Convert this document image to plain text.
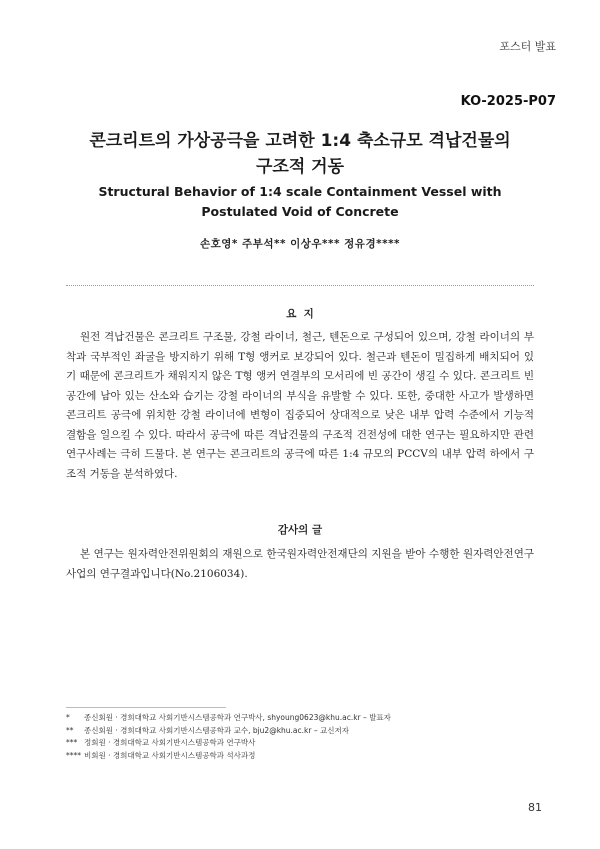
포스터 발표
KO-2025-P07
콘크리트의 가상공극을 고려한 1:4 축소규모 격납건물의
구조적 거동
Structural Behavior of 1:4 scale Containment Vessel with
Postulated Void of Concrete
손호영* 주부석** 이상우*** 정유경****
요  지

원전 격납건물은 콘크리트 구조물, 강철 라이너, 철근, 텐돈으로 구성되어 있으며, 강철 라이너의 부착과 국부적인 좌굴을 방지하기 위해 T형 앵커로 보강되어 있다. 철근과 텐돈이 밀집하게 배치되어 있기 때문에 콘크리트가 채워지지 않은 T형 앵커 연결부의 모서리에 빈 공간이 생길 수 있다. 콘크리트 빈 공간에 남아 있는 산소와 습기는 강철 라이너의 부식을 유발할 수 있다. 또한, 중대한 사고가 발생하면 콘크리트 공극에 위치한 강철 라이너에 변형이 집중되어 상대적으로 낮은 내부 압력 수준에서 기능적 결함을 일으킬 수 있다. 따라서 공극에 따른 격납건물의 구조적 건전성에 대한 연구는 필요하지만 관련 연구사례는 극히 드물다. 본 연구는 콘크리트의 공극에 따른 1:4 규모의 PCCV의 내부 압력 하에서 구조적 거동을 분석하였다.

감사의 글

본 연구는 원자력안전위원회의 재원으로 한국원자력안전재단의 지원을 받아 수행한 원자력안전연구사업의 연구결과입니다(No.2106034).

* 종신회원 · 경희대학교 사회기반시스템공학과 연구박사, shyoung0623@khu.ac.kr – 발표자
** 종신회원 · 경희대학교 사회기반시스템공학과 교수, bju2@khu.ac.kr – 교신저자
*** 정회원 · 경희대학교 사회기반시스템공학과 연구박사
**** 비회원 · 경희대학교 사회기반시스템공학과 석사과정
81
